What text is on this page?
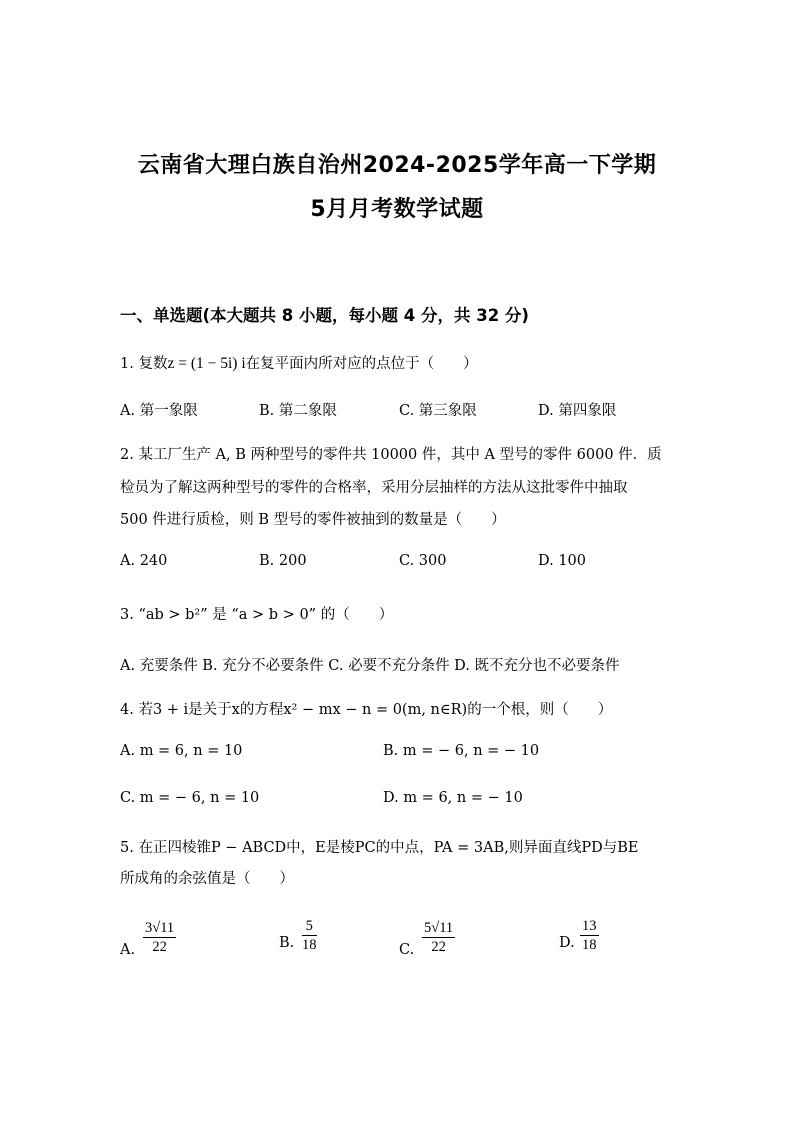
云南省大理白族自治州2024-2025学年高一下学期
5月月考数学试题
一、单选题(本大题共 8 小题，每小题 4 分，共 32 分)
1. 复数z = (1 − 5i) i在复平面内所对应的点位于（　　）
A. 第一象限	B. 第二象限	C. 第三象限	D. 第四象限
2. 某工厂生产 A, B 两种型号的零件共 10000 件，其中 A 型号的零件 6000 件．质
检员为了解这两种型号的零件的合格率，采用分层抽样的方法从这批零件中抽取
500 件进行质检，则 B 型号的零件被抽到的数量是（　　）
A. 240	B. 200	C. 300	D. 100
3. “ab > b²” 是 “a > b > 0” 的（　　）
A. 充要条件 B. 充分不必要条件 C. 必要不充分条件 D. 既不充分也不必要条件
4. 若3 + i是关于x的方程x² − mx − n = 0(m, n∈R)的一个根，则（　　）
A. m = 6, n = 10	B. m = − 6, n = − 10
C. m = − 6, n = 10	D. m = 6, n = − 10
5. 在正四棱锥P − ABCD中，E是棱PC的中点，PA = 3AB,则异面直线PD与BE
所成角的余弦值是（　　）
A. $\frac{3√11}{22}$	B. $\frac{5}{18}$	C. $\frac{5√11}{22}$	D. $\frac{13}{18}$
